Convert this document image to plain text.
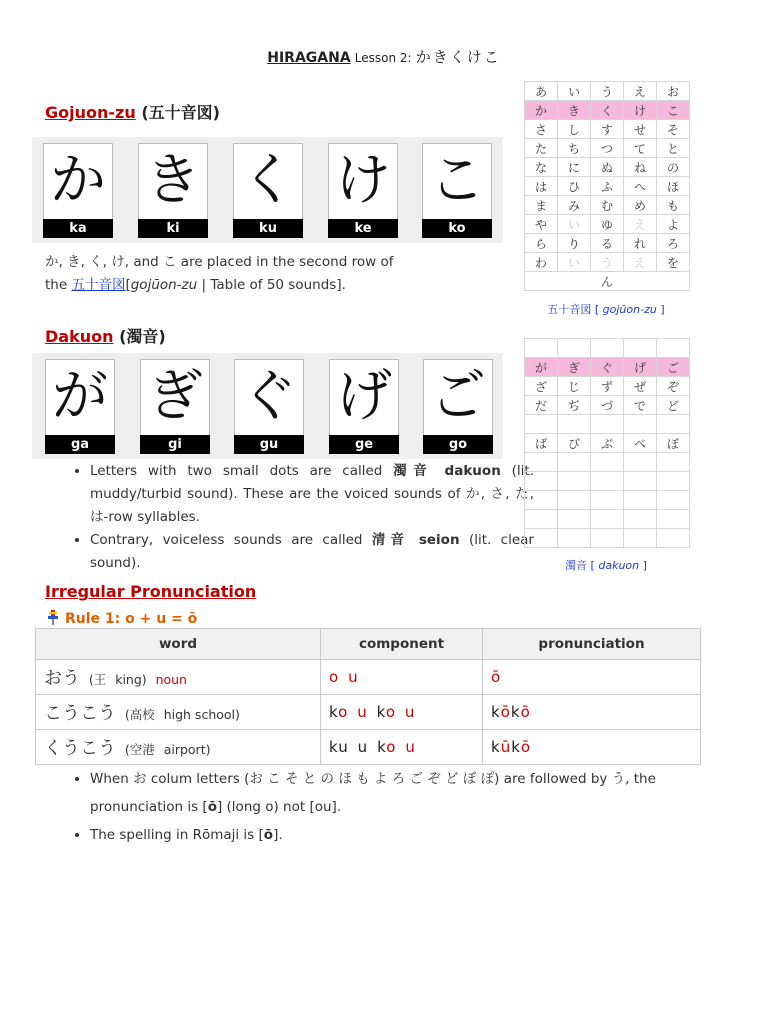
HIRAGANA Lesson 2: かきくけこ
Gojuon-zu (五十音図)
か
ka
き
ki
く
ku
け
ke
こ
ko
か, き, く, け, and こ are placed in the second row of
the 五十音図[gojūon-zu | Table of 50 sounds].
あ	い	う	え	お
か	き	く	け	こ
さ	し	す	せ	そ
た	ち	つ	て	と
な	に	ぬ	ね	の
は	ひ	ふ	へ	ほ
ま	み	む	め	も
や	い	ゆ	え	よ
ら	り	る	れ	ろ
わ	い	う	え	を
ん				
五十音図 [ gojūon-zu ]
Dakuon (濁音)
が
ga
ぎ
gi
ぐ
gu
げ
ge
ご
go
• Letters with two small dots are called 濁音 dakuon (lit. muddy/turbid sound). These are the voiced sounds of か, さ, た, は-row syllables.
• Contrary, voiceless sounds are called 清音 seion (lit. clear sound).

が	ぎ	ぐ	げ	ご
ざ	じ	ず	ぜ	ぞ
だ	ぢ	づ	で	ど

ば	び	ぶ	べ	ぼ

濁音 [ dakuon ]
Irregular Pronunciation
Rule 1: o + u = ō
word	component	pronunciation
おう (王 king) noun	o u	ō
こうこう (高校 high school)	ko u ko u	kōkō
くうこう (空港 airport)	ku u ko u	kūkō
• When お colum letters (お こ そ と の ほ も よ ろ ご ぞ ど ぼ ぽ) are followed by う, the pronunciation is [ō] (long o) not [ou].
• The spelling in Rōmaji is [ō].
